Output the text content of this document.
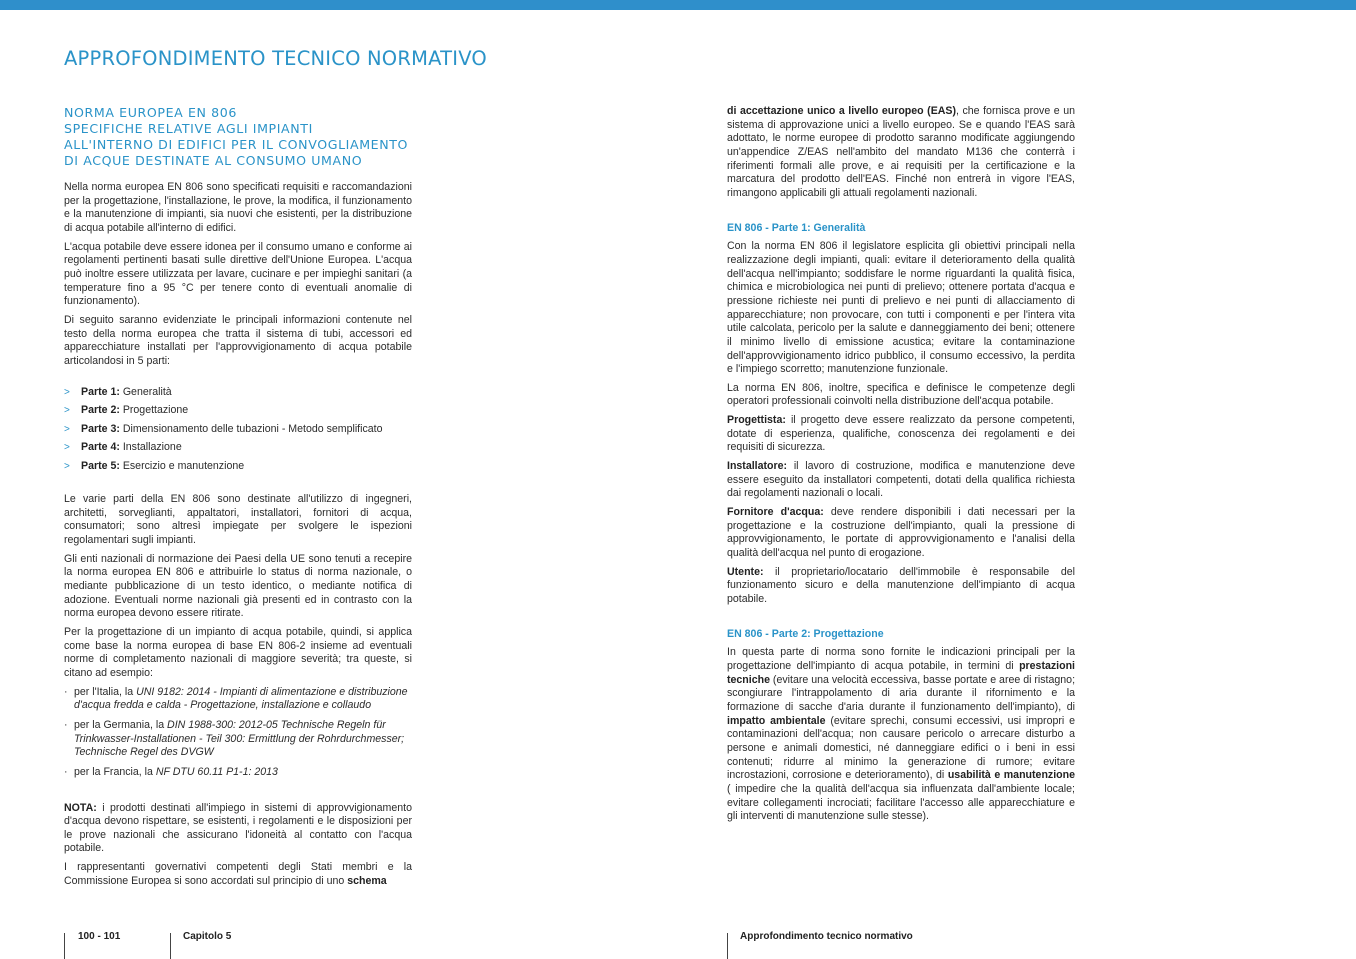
APPROFONDIMENTO TECNICO NORMATIVO
NORMA EUROPEA EN 806
SPECIFICHE RELATIVE AGLI IMPIANTI
ALL'INTERNO DI EDIFICI PER IL CONVOGLIAMENTO
DI ACQUE DESTINATE AL CONSUMO UMANO

Nella norma europea EN 806 sono specificati requisiti e raccomandazioni per la progettazione, l'installazione, le prove, la modifica, il funzionamento e la manutenzione di impianti, sia nuovi che esistenti, per la distribuzione di acqua potabile all'interno di edifici.

L'acqua potabile deve essere idonea per il consumo umano e conforme ai regolamenti pertinenti basati sulle direttive dell'Unione Europea. L'acqua può inoltre essere utilizzata per lavare, cucinare e per impieghi sanitari (a temperature fino a 95 °C per tenere conto di eventuali anomalie di funzionamento).

Di seguito saranno evidenziate le principali informazioni contenute nel testo della norma europea che tratta il sistema di tubi, accessori ed apparecchiature installati per l'approvvigionamento di acqua potabile articolandosi in 5 parti:

> Parte 1: Generalità
> Parte 2: Progettazione
> Parte 3: Dimensionamento delle tubazioni - Metodo semplificato
> Parte 4: Installazione
> Parte 5: Esercizio e manutenzione

Le varie parti della EN 806 sono destinate all'utilizzo di ingegneri, architetti, sorveglianti, appaltatori, installatori, fornitori di acqua, consumatori; sono altresì impiegate per svolgere le ispezioni regolamentari sugli impianti.

Gli enti nazionali di normazione dei Paesi della UE sono tenuti a recepire la norma europea EN 806 e attribuirle lo status di norma nazionale, o mediante pubblicazione di un testo identico, o mediante notifica di adozione. Eventuali norme nazionali già presenti ed in contrasto con la norma europea devono essere ritirate.

Per la progettazione di un impianto di acqua potabile, quindi, si applica come base la norma europea di base EN 806-2 insieme ad eventuali norme di completamento nazionali di maggiore severità; tra queste, si citano ad esempio:

· per l'Italia, la UNI 9182: 2014 - Impianti di alimentazione e distribuzione d'acqua fredda e calda - Progettazione, installazione e collaudo
· per la Germania, la DIN 1988-300: 2012-05 Technische Regeln für Trinkwasser-Installationen - Teil 300: Ermittlung der Rohrdurchmesser; Technische Regel des DVGW
· per la Francia, la NF DTU 60.11 P1-1: 2013

NOTA: i prodotti destinati all'impiego in sistemi di approvvigionamento d'acqua devono rispettare, se esistenti, i regolamenti e le disposizioni per le prove nazionali che assicurano l'idoneità al contatto con l'acqua potabile.

I rappresentanti governativi competenti degli Stati membri e la Commissione Europea si sono accordati sul principio di uno schema

di accettazione unico a livello europeo (EAS), che fornisca prove e un sistema di approvazione unici a livello europeo. Se e quando l'EAS sarà adottato, le norme europee di prodotto saranno modificate aggiungendo un'appendice Z/EAS nell'ambito del mandato M136 che conterrà i riferimenti formali alle prove, e ai requisiti per la certificazione e la marcatura del prodotto dell'EAS. Finché non entrerà in vigore l'EAS, rimangono applicabili gli attuali regolamenti nazionali.

EN 806 - Parte 1: Generalità

Con la norma EN 806 il legislatore esplicita gli obiettivi principali nella realizzazione degli impianti, quali: evitare il deterioramento della qualità dell'acqua nell'impianto; soddisfare le norme riguardanti la qualità fisica, chimica e microbiologica nei punti di prelievo; ottenere portata d'acqua e pressione richieste nei punti di prelievo e nei punti di allacciamento di apparecchiature; non provocare, con tutti i componenti e per l'intera vita utile calcolata, pericolo per la salute e danneggiamento dei beni; ottenere il minimo livello di emissione acustica; evitare la contaminazione dell'approvvigionamento idrico pubblico, il consumo eccessivo, la perdita e l'impiego scorretto; manutenzione funzionale.

La norma EN 806, inoltre, specifica e definisce le competenze degli operatori professionali coinvolti nella distribuzione dell'acqua potabile.

Progettista: il progetto deve essere realizzato da persone competenti, dotate di esperienza, qualifiche, conoscenza dei regolamenti e dei requisiti di sicurezza.

Installatore: il lavoro di costruzione, modifica e manutenzione deve essere eseguito da installatori competenti, dotati della qualifica richiesta dai regolamenti nazionali o locali.

Fornitore d'acqua: deve rendere disponibili i dati necessari per la progettazione e la costruzione dell'impianto, quali la pressione di approvvigionamento, le portate di approvvigionamento e l'analisi della qualità dell'acqua nel punto di erogazione.

Utente: il proprietario/locatario dell'immobile è responsabile del funzionamento sicuro e della manutenzione dell'impianto di acqua potabile.

EN 806 - Parte 2: Progettazione

In questa parte di norma sono fornite le indicazioni principali per la progettazione dell'impianto di acqua potabile, in termini di prestazioni tecniche (evitare una velocità eccessiva, basse portate e aree di ristagno; scongiurare l'intrappolamento di aria durante il rifornimento e la formazione di sacche d'aria durante il funzionamento dell'impianto), di impatto ambientale (evitare sprechi, consumi eccessivi, usi impropri e contaminazioni dell'acqua; non causare pericolo o arrecare disturbo a persone e animali domestici, né danneggiare edifici o i beni in essi contenuti; ridurre al minimo la generazione di rumore; evitare incrostazioni, corrosione e deterioramento), di usabilità e manutenzione ( impedire che la qualità dell'acqua sia influenzata dall'ambiente locale; evitare collegamenti incrociati; facilitare l'accesso alle apparecchiature e gli interventi di manutenzione sulle stesse).

100 - 101	Capitolo 5	Approfondimento tecnico normativo
